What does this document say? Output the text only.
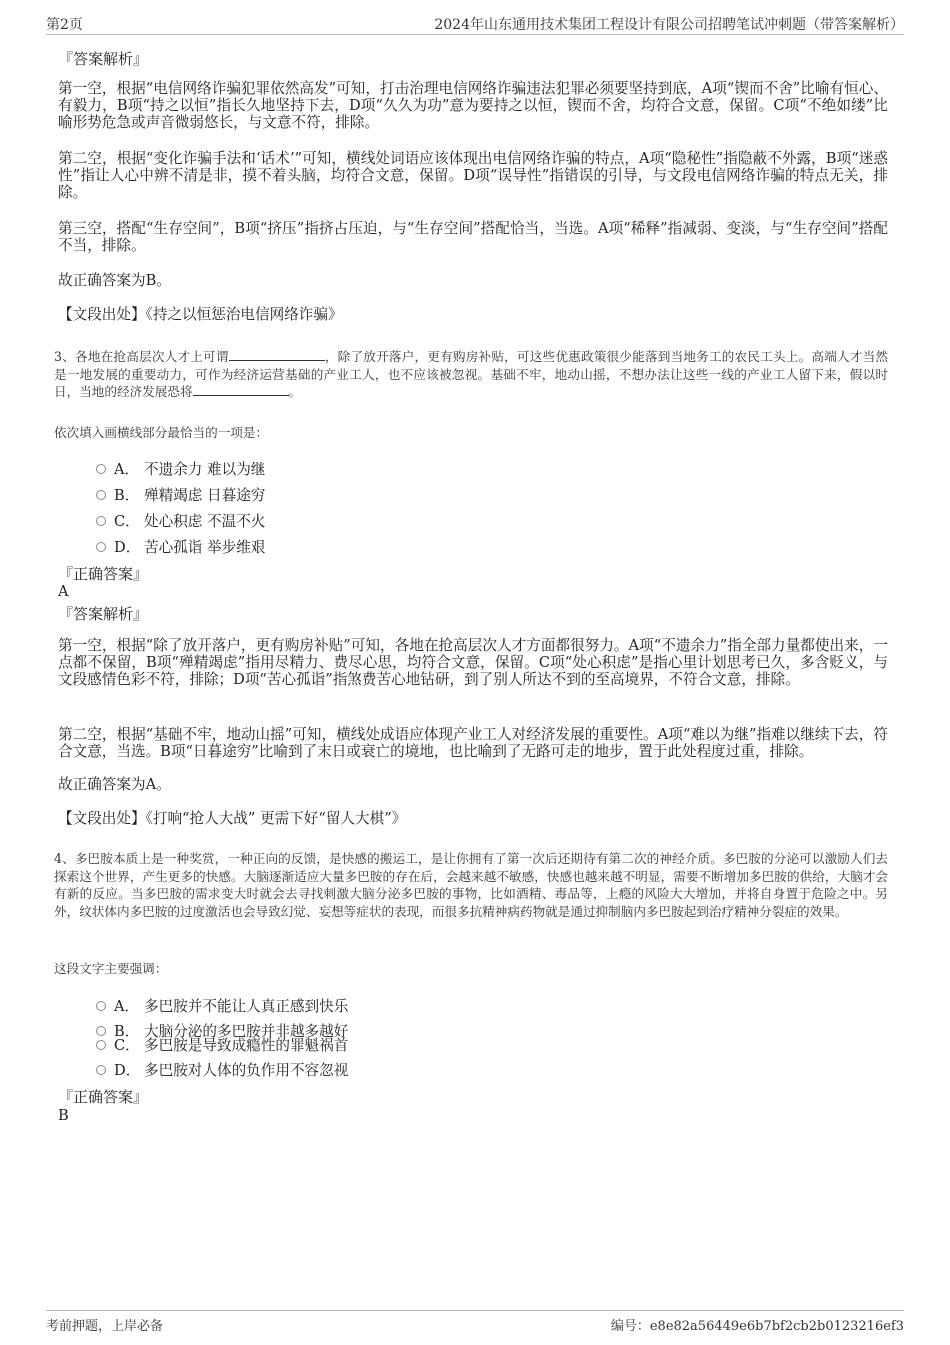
第2页	2024年山东通用技术集团工程设计有限公司招聘笔试冲刺题（带答案解析）
『答案解析』
第一空，根据“电信网络诈骗犯罪依然高发”可知，打击治理电信网络诈骗违法犯罪必须要坚持到底，A项“锲而不舍”比喻有恒心、有毅力，B项“持之以恒”指长久地坚持下去，D项“久久为功”意为要持之以恒，锲而不舍，均符合文意，保留。C项“不绝如缕”比喻形势危急或声音微弱悠长，与文意不符，排除。
第二空，根据“变化诈骗手法和‘话术’”可知，横线处词语应该体现出电信网络诈骗的特点，A项“隐秘性”指隐蔽不外露，B项“迷惑性”指让人心中辨不清是非，摸不着头脑，均符合文意，保留。D项“误导性”指错误的引导，与文段电信网络诈骗的特点无关，排除。
第三空，搭配“生存空间”，B项“挤压”指挤占压迫，与“生存空间”搭配恰当，当选。A项“稀释”指减弱、变淡，与“生存空间”搭配不当，排除。
故正确答案为B。
【文段出处】《持之以恒惩治电信网络诈骗》
3、各地在抢高层次人才上可谓	，除了放开落户，更有购房补贴，可这些优惠政策很少能落到当地务工的农民工头上。高端人才当然是一地发展的重要动力，可作为经济运营基础的产业工人，也不应该被忽视。基础不牢，地动山摇，不想办法让这些一线的产业工人留下来，假以时日，当地的经济发展恐将	。
依次填入画横线部分最恰当的一项是：
A． 不遗余力 难以为继
B． 殚精竭虑 日暮途穷
C． 处心积虑 不温不火
D． 苦心孤诣 举步维艰
『正确答案』
A
『答案解析』
第一空，根据“除了放开落户，更有购房补贴”可知，各地在抢高层次人才方面都很努力。A项“不遗余力”指全部力量都使出来，一点都不保留，B项“殚精竭虑”指用尽精力、费尽心思，均符合文意，保留。C项“处心积虑”是指心里计划思考已久，多含贬义，与文段感情色彩不符，排除；D项“苦心孤诣”指煞费苦心地钻研，到了别人所达不到的至高境界，不符合文意，排除。
第二空，根据“基础不牢，地动山摇”可知，横线处成语应体现产业工人对经济发展的重要性。A项“难以为继”指难以继续下去，符合文意，当选。B项“日暮途穷”比喻到了末日或衰亡的境地，也比喻到了无路可走的地步，置于此处程度过重，排除。
故正确答案为A。
【文段出处】《打响“抢人大战” 更需下好“留人大棋”》
4、多巴胺本质上是一种奖赏，一种正向的反馈，是快感的搬运工，是让你拥有了第一次后还期待有第二次的神经介质。多巴胺的分泌可以激励人们去探索这个世界，产生更多的快感。大脑逐渐适应大量多巴胺的存在后，会越来越不敏感，快感也越来越不明显，需要不断增加多巴胺的供给，大脑才会有新的反应。当多巴胺的需求变大时就会去寻找刺激大脑分泌多巴胺的事物，比如酒精、毒品等，上瘾的风险大大增加，并将自身置于危险之中。另外，纹状体内多巴胺的过度激活也会导致幻觉、妄想等症状的表现，而很多抗精神病药物就是通过抑制脑内多巴胺起到治疗精神分裂症的效果。
这段文字主要强调：
A． 多巴胺并不能让人真正感到快乐
B． 大脑分泌的多巴胺并非越多越好
C． 多巴胺是导致成瘾性的罪魁祸首
D． 多巴胺对人体的负作用不容忽视
『正确答案』
B
考前押题，上岸必备	编号：e8e82a56449e6b7bf2cb2b0123216ef3
